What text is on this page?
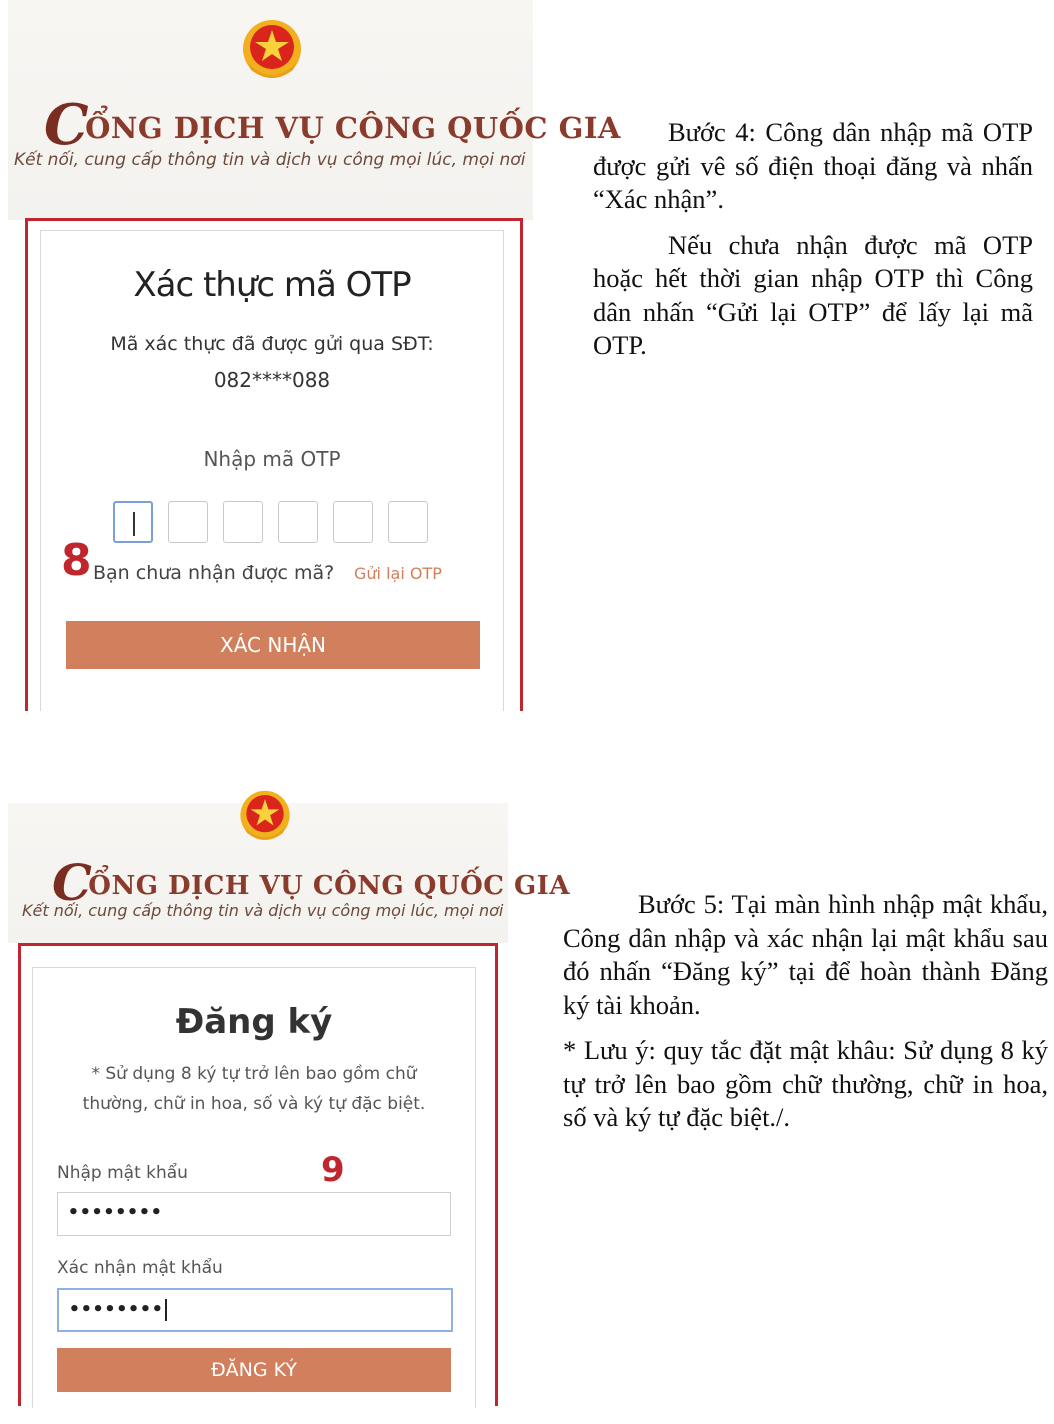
CỔNG DỊCH VỤ CÔNG QUỐC GIA
Kết nối, cung cấp thông tin và dịch vụ công mọi lúc, mọi nơi
Xác thực mã OTP
Mã xác thực đã được gửi qua SĐT:
082****088
Nhập mã OTP
8 Bạn chưa nhận được mã? Gửi lại OTP
XÁC NHẬN
CỔNG DỊCH VỤ CÔNG QUỐC GIA
Kết nối, cung cấp thông tin và dịch vụ công mọi lúc, mọi nơi
Đăng ký
* Sử dụng 8 ký tự trở lên bao gồm chữ
thường, chữ in hoa, số và ký tự đặc biệt.
Nhập mật khẩu	9
••••••••
Xác nhận mật khẩu
••••••••
ĐĂNG KÝ

Bước 4: Công dân nhập mã OTP được gửi vê số điện thoại đăng và nhấn “Xác nhận”.

Nếu chưa nhận được mã OTP hoặc hết thời gian nhập OTP thì Công dân nhấn “Gửi lại OTP” để lấy lại mã OTP.

Bước 5: Tại màn hình nhập mật khẩu, Công dân nhập và xác nhận lại mật khẩu sau đó nhấn “Đăng ký” tại để hoàn thành Đăng ký tài khoản.

* Lưu ý: quy tắc đặt mật khâu: Sử dụng 8 ký tự trở lên bao gồm chữ thường, chữ in hoa, số và ký tự đặc biệt./.
